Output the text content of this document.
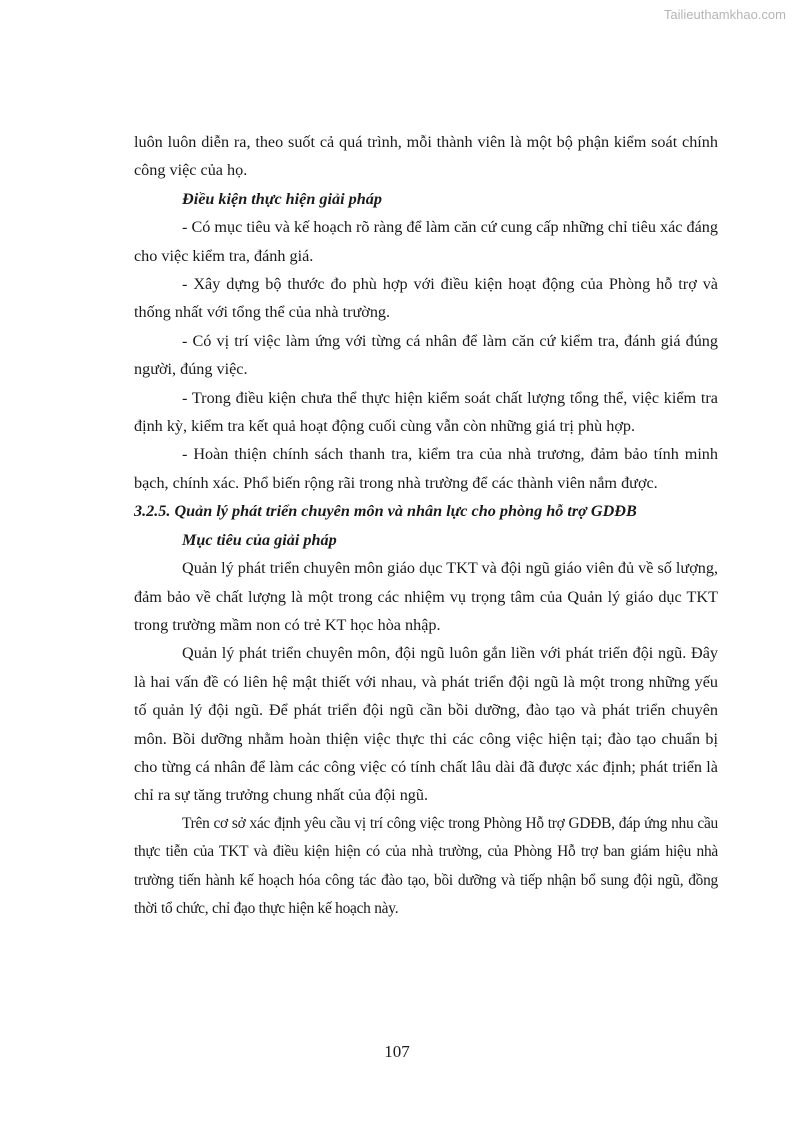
Tailieuthamkhao.com

luôn luôn diễn ra, theo suốt cả quá trình, mỗi thành viên là một bộ phận kiểm soát chính công việc của họ.

Điều kiện thực hiện giải pháp

- Có mục tiêu và kế hoạch rõ ràng để làm căn cứ cung cấp những chỉ tiêu xác đáng cho việc kiểm tra, đánh giá.

- Xây dựng bộ thước đo phù hợp với điều kiện hoạt động của Phòng hỗ trợ và thống nhất với tổng thể của nhà trường.

- Có vị trí việc làm ứng với từng cá nhân để làm căn cứ kiểm tra, đánh giá đúng người, đúng việc.

- Trong điều kiện chưa thể thực hiện kiểm soát chất lượng tổng thể, việc kiểm tra định kỳ, kiểm tra kết quả hoạt động cuối cùng vẫn còn những giá trị phù hợp.

- Hoàn thiện chính sách thanh tra, kiểm tra của nhà trương, đảm bảo tính minh bạch, chính xác. Phổ biến rộng rãi trong nhà trường để các thành viên nắm được.

3.2.5. Quản lý phát triển chuyên môn và nhân lực cho phòng hỗ trợ GDĐB

Mục tiêu của giải pháp

Quản lý phát triển chuyên môn giáo dục TKT và đội ngũ giáo viên đủ về số lượng, đảm bảo về chất lượng là một trong các nhiệm vụ trọng tâm của Quản lý giáo dục TKT trong trường mầm non có trẻ KT học hòa nhập.

Quản lý phát triển chuyên môn, đội ngũ luôn gắn liền với phát triển đội ngũ. Đây là hai vấn đề có liên hệ mật thiết với nhau, và phát triển đội ngũ là một trong những yếu tố quản lý đội ngũ. Để phát triển đội ngũ cần bồi dưỡng, đào tạo và phát triển chuyên môn. Bồi dưỡng nhằm hoàn thiện việc thực thi các công việc hiện tại; đào tạo chuẩn bị cho từng cá nhân để làm các công việc có tính chất lâu dài đã được xác định; phát triển là chỉ ra sự tăng trưởng chung nhất của đội ngũ.

Trên cơ sở xác định yêu cầu vị trí công việc trong Phòng Hỗ trợ GDĐB, đáp ứng nhu cầu thực tiễn của TKT và điều kiện hiện có của nhà trường, của Phòng Hỗ trợ ban giám hiệu nhà trường tiến hành kế hoạch hóa công tác đào tạo, bồi dưỡng và tiếp nhận bổ sung đội ngũ, đồng thời tổ chức, chỉ đạo thực hiện kế hoạch này.

107
